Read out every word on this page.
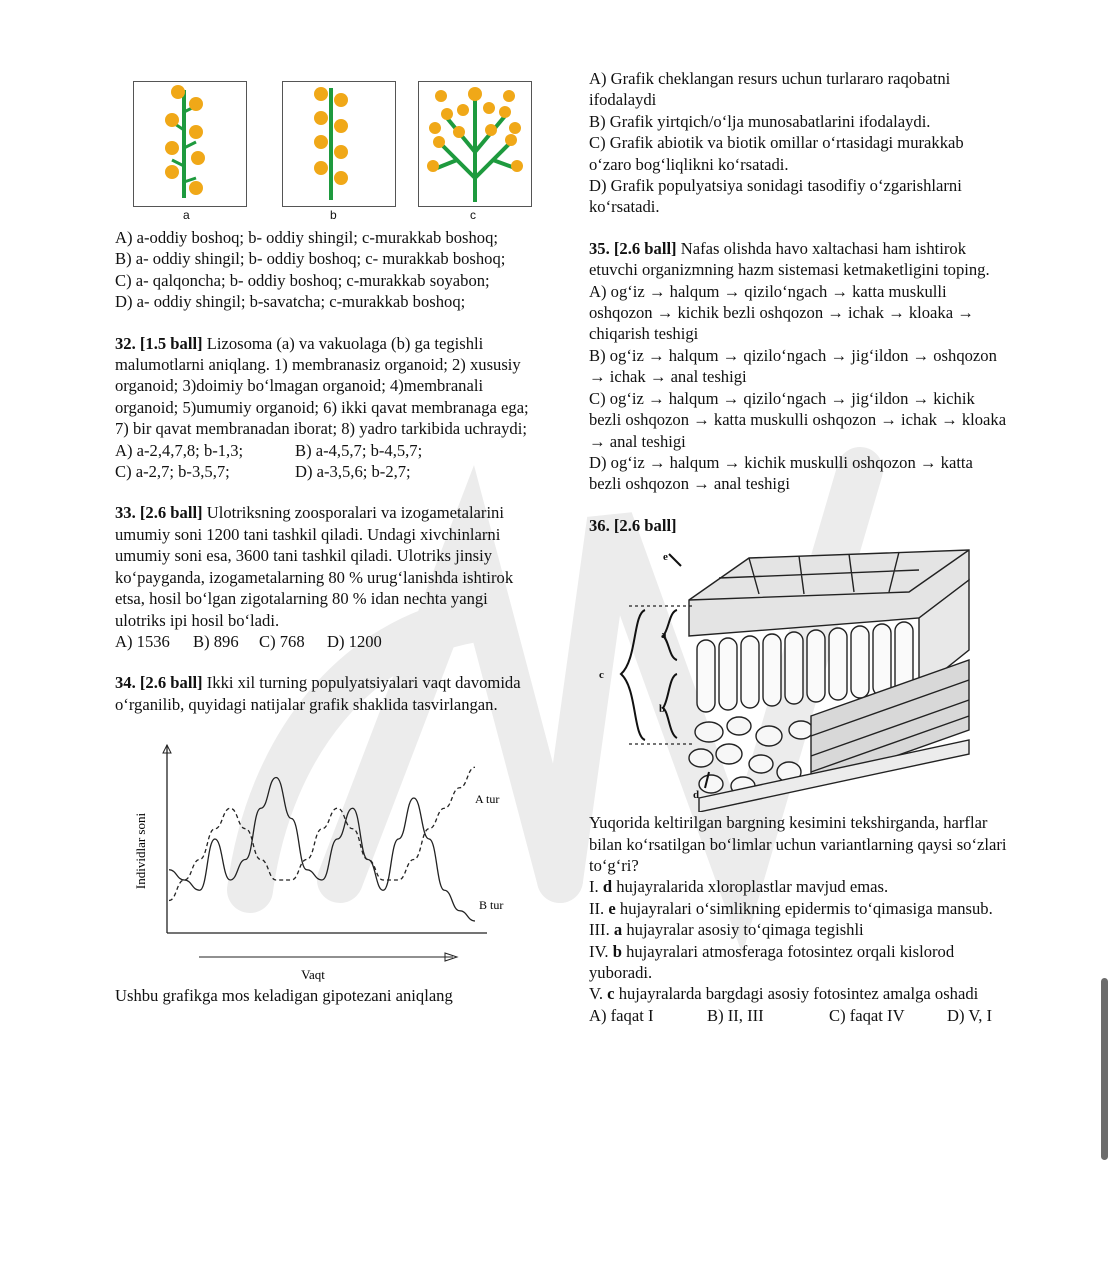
a	b	c

A) a-oddiy boshoq; b- oddiy shingil; c-murakkab boshoq;

B) a- oddiy shingil; b- oddiy boshoq; c- murakkab boshoq;

C) a- qalqoncha; b- oddiy boshoq; c-murakkab soyabon;

D) a- oddiy shingil; b-savatcha; c-murakkab boshoq;

32. [1.5 ball] Lizosoma (a) va vakuolaga (b) ga tegishli malumotlarni aniqlang. 1) membranasiz organoid; 2) xususiy organoid; 3)doimiy bo‘lmagan organoid; 4)membranali organoid; 5)umumiy organoid; 6) ikki qavat membranaga ega; 7) bir qavat membranadan iborat; 8) yadro tarkibida uchraydi;

A) a-2,4,7,8; b-1,3;	B) a-4,5,7; b-4,5,7;
C) a-2,7; b-3,5,7;	D) a-3,5,6; b-2,7;

33. [2.6 ball] Ulotriksning zoosporalari va izogametalarini umumiy soni 1200 tani tashkil qiladi. Undagi xivchinlarni umumiy soni esa, 3600 tani tashkil qiladi. Ulotriks jinsiy ko‘payganda, izogametalarning 80 % urug‘lanishda ishtirok etsa, hosil bo‘lgan zigotalarning 80 % idan nechta yangi ulotriks ipi hosil bo‘ladi.

A) 1536 B) 896 C) 768 D) 1200

34. [2.6 ball] Ikki xil turning populyatsiyalari vaqt davomida o‘rganilib, quyidagi natijalar grafik shaklida tasvirlangan.

Individlar soni
Vaqt
A tur
B tur

Ushbu grafikga mos keladigan gipotezani aniqlang

A) Grafik cheklangan resurs uchun turlararo raqobatni ifodalaydi

B) Grafik yirtqich/o‘lja munosabatlarini ifodalaydi.

C) Grafik abiotik va biotik omillar o‘rtasidagi murakkab o‘zaro bog‘liqlikni ko‘rsatadi.

D) Grafik populyatsiya sonidagi tasodifiy o‘zgarishlarni ko‘rsatadi.

35. [2.6 ball] Nafas olishda havo xaltachasi ham ishtirok etuvchi organizmning hazm sistemasi ketmaketligini toping.

A) og‘iz → halqum → qizilo‘ngach → katta muskulli oshqozon → kichik bezli oshqozon → ichak → kloaka → chiqarish teshigi

B) og‘iz → halqum → qizilo‘ngach → jig‘ildon → oshqozon → ichak → anal teshigi

C) og‘iz → halqum → qizilo‘ngach → jig‘ildon → kichik bezli oshqozon → katta muskulli oshqozon → ichak → kloaka → anal teshigi

D) og‘iz → halqum → kichik muskulli oshqozon → katta bezli oshqozon → anal teshigi

36. [2.6 ball]

e
a
c
b
d

Yuqorida keltirilgan bargning kesimini tekshirganda, harflar bilan ko‘rsatilgan bo‘limlar uchun variantlarning qaysi so‘zlari to‘g‘ri?

I. d hujayralarida xloroplastlar mavjud emas.

II. e hujayralari o‘simlikning epidermis to‘qimasiga mansub.

III. a hujayralar asosiy to‘qimaga tegishli

IV. b hujayralari atmosferaga fotosintez orqali kislorod yuboradi.

V. c hujayralarda bargdagi asosiy fotosintez amalga oshadi

A) faqat I	B) II, III	C) faqat IV	D) V, I
